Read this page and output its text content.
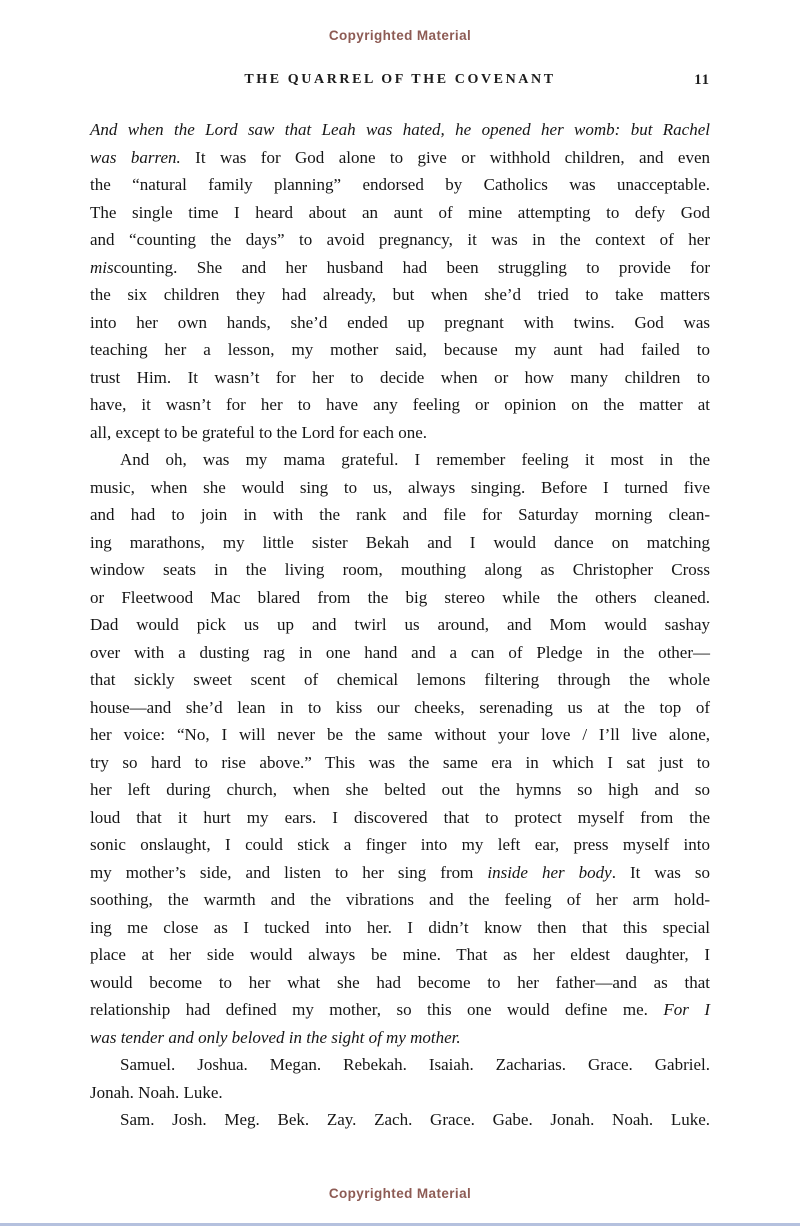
Copyrighted Material
THE QUARREL OF THE COVENANT	11
And when the Lord saw that Leah was hated, he opened her womb: but Rachel
was barren. It was for God alone to give or withhold children, and even
the “natural family planning” endorsed by Catholics was unacceptable.
The single time I heard about an aunt of mine attempting to defy God
and “counting the days” to avoid pregnancy, it was in the context of her
miscounting. She and her husband had been struggling to provide for
the six children they had already, but when she’d tried to take matters
into her own hands, she’d ended up pregnant with twins. God was
teaching her a lesson, my mother said, because my aunt had failed to
trust Him. It wasn’t for her to decide when or how many children to
have, it wasn’t for her to have any feeling or opinion on the matter at
all, except to be grateful to the Lord for each one.
And oh, was my mama grateful. I remember feeling it most in the
music, when she would sing to us, always singing. Before I turned five
and had to join in with the rank and file for Saturday morning clean-
ing marathons, my little sister Bekah and I would dance on matching
window seats in the living room, mouthing along as Christopher Cross
or Fleetwood Mac blared from the big stereo while the others cleaned.
Dad would pick us up and twirl us around, and Mom would sashay
over with a dusting rag in one hand and a can of Pledge in the other—
that sickly sweet scent of chemical lemons filtering through the whole
house—and she’d lean in to kiss our cheeks, serenading us at the top of
her voice: “No, I will never be the same without your love / I’ll live alone,
try so hard to rise above.” This was the same era in which I sat just to
her left during church, when she belted out the hymns so high and so
loud that it hurt my ears. I discovered that to protect myself from the
sonic onslaught, I could stick a finger into my left ear, press myself into
my mother’s side, and listen to her sing from inside her body. It was so
soothing, the warmth and the vibrations and the feeling of her arm hold-
ing me close as I tucked into her. I didn’t know then that this special
place at her side would always be mine. That as her eldest daughter, I
would become to her what she had become to her father—and as that
relationship had defined my mother, so this one would define me. For I
was tender and only beloved in the sight of my mother.
Samuel. Joshua. Megan. Rebekah. Isaiah. Zacharias. Grace. Gabriel.
Jonah. Noah. Luke.
Sam. Josh. Meg. Bek. Zay. Zach. Grace. Gabe. Jonah. Noah. Luke.
Copyrighted Material
